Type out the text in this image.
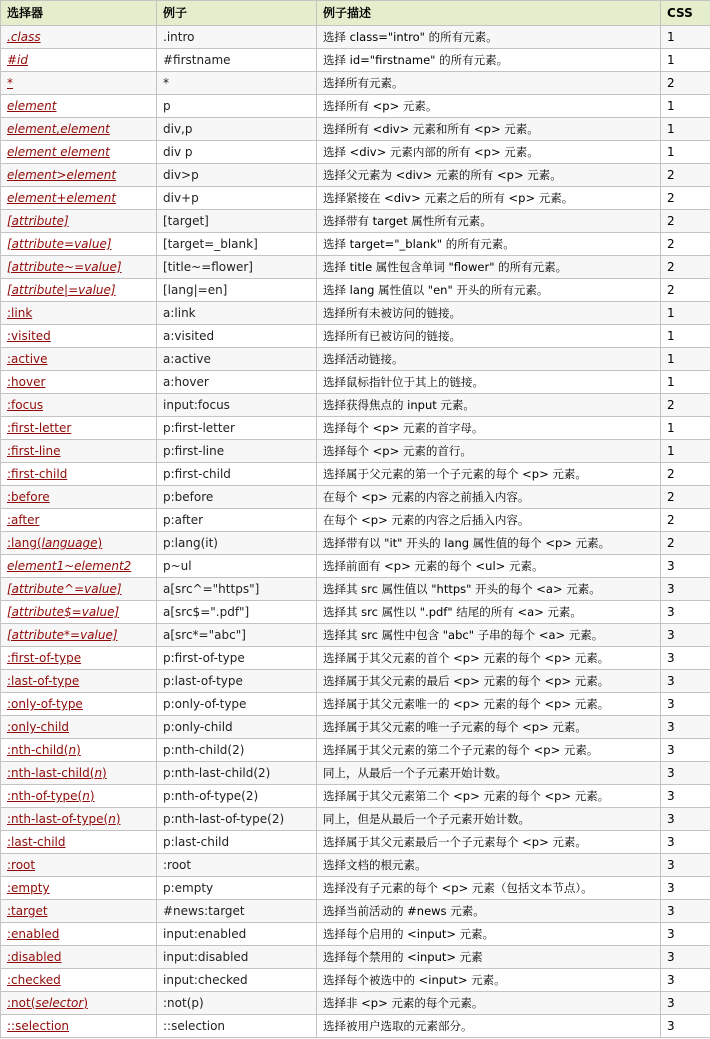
选择器	例子	例子描述	CSS
.class	.intro	选择 class="intro" 的所有元素。	1
#id	#firstname	选择 id="firstname" 的所有元素。	1
*	*	选择所有元素。	2
element	p	选择所有 <p> 元素。	1
element,element	div,p	选择所有 <div> 元素和所有 <p> 元素。	1
element element	div p	选择 <div> 元素内部的所有 <p> 元素。	1
element>element	div>p	选择父元素为 <div> 元素的所有 <p> 元素。	2
element+element	div+p	选择紧接在 <div> 元素之后的所有 <p> 元素。	2
[attribute]	[target]	选择带有 target 属性所有元素。	2
[attribute=value]	[target=_blank]	选择 target="_blank" 的所有元素。	2
[attribute~=value]	[title~=flower]	选择 title 属性包含单词 "flower" 的所有元素。	2
[attribute|=value]	[lang|=en]	选择 lang 属性值以 "en" 开头的所有元素。	2
:link	a:link	选择所有未被访问的链接。	1
:visited	a:visited	选择所有已被访问的链接。	1
:active	a:active	选择活动链接。	1
:hover	a:hover	选择鼠标指针位于其上的链接。	1
:focus	input:focus	选择获得焦点的 input 元素。	2
:first-letter	p:first-letter	选择每个 <p> 元素的首字母。	1
:first-line	p:first-line	选择每个 <p> 元素的首行。	1
:first-child	p:first-child	选择属于父元素的第一个子元素的每个 <p> 元素。	2
:before	p:before	在每个 <p> 元素的内容之前插入内容。	2
:after	p:after	在每个 <p> 元素的内容之后插入内容。	2
:lang(language)	p:lang(it)	选择带有以 "it" 开头的 lang 属性值的每个 <p> 元素。	2
element1~element2	p~ul	选择前面有 <p> 元素的每个 <ul> 元素。	3
[attribute^=value]	a[src^="https"]	选择其 src 属性值以 "https" 开头的每个 <a> 元素。	3
[attribute$=value]	a[src$=".pdf"]	选择其 src 属性以 ".pdf" 结尾的所有 <a> 元素。	3
[attribute*=value]	a[src*="abc"]	选择其 src 属性中包含 "abc" 子串的每个 <a> 元素。	3
:first-of-type	p:first-of-type	选择属于其父元素的首个 <p> 元素的每个 <p> 元素。	3
:last-of-type	p:last-of-type	选择属于其父元素的最后 <p> 元素的每个 <p> 元素。	3
:only-of-type	p:only-of-type	选择属于其父元素唯一的 <p> 元素的每个 <p> 元素。	3
:only-child	p:only-child	选择属于其父元素的唯一子元素的每个 <p> 元素。	3
:nth-child(n)	p:nth-child(2)	选择属于其父元素的第二个子元素的每个 <p> 元素。	3
:nth-last-child(n)	p:nth-last-child(2)	同上，从最后一个子元素开始计数。	3
:nth-of-type(n)	p:nth-of-type(2)	选择属于其父元素第二个 <p> 元素的每个 <p> 元素。	3
:nth-last-of-type(n)	p:nth-last-of-type(2)	同上，但是从最后一个子元素开始计数。	3
:last-child	p:last-child	选择属于其父元素最后一个子元素每个 <p> 元素。	3
:root	:root	选择文档的根元素。	3
:empty	p:empty	选择没有子元素的每个 <p> 元素（包括文本节点）。	3
:target	#news:target	选择当前活动的 #news 元素。	3
:enabled	input:enabled	选择每个启用的 <input> 元素。	3
:disabled	input:disabled	选择每个禁用的 <input> 元素	3
:checked	input:checked	选择每个被选中的 <input> 元素。	3
:not(selector)	:not(p)	选择非 <p> 元素的每个元素。	3
::selection	::selection	选择被用户选取的元素部分。	3
